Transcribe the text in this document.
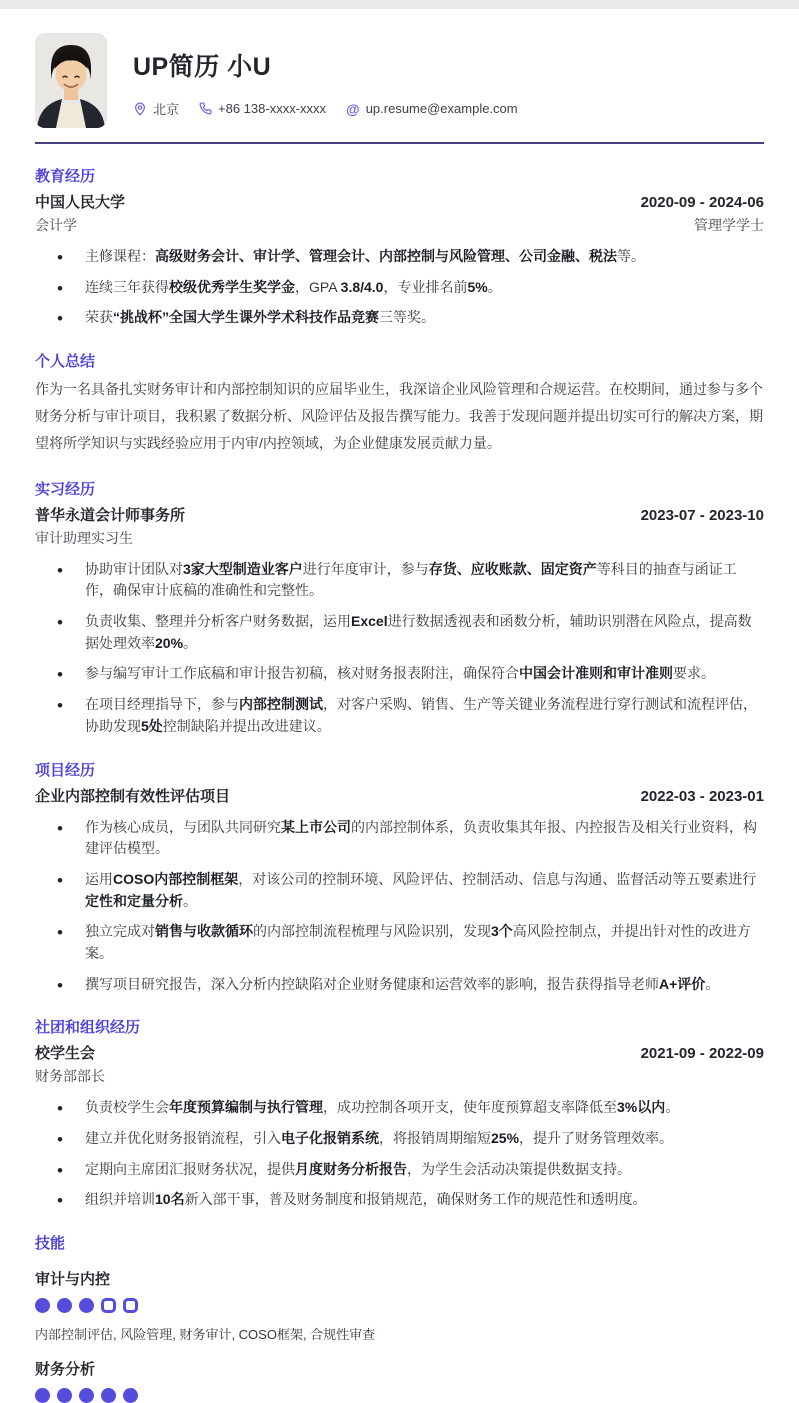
UP简历 小U
北京	+86 138-xxxx-xxxx @ up.resume@example.com
教育经历
中国人民大学	2020-09 - 2024-06
会计学	管理学学士
• 主修课程：高级财务会计、审计学、管理会计、内部控制与风险管理、公司金融、税法等。
• 连续三年获得校级优秀学生奖学金，GPA 3.8/4.0，专业排名前5%。
• 荣获“挑战杯”全国大学生课外学术科技作品竞赛三等奖。
个人总结

作为一名具备扎实财务审计和内部控制知识的应届毕业生，我深谙企业风险管理和合规运营。在校期间，通过参与多个财务分析与审计项目，我积累了数据分析、风险评估及报告撰写能力。我善于发现问题并提出切实可行的解决方案，期望将所学知识与实践经验应用于内审/内控领域，为企业健康发展贡献力量。

实习经历
普华永道会计师事务所	2023-07 - 2023-10
审计助理实习生
• 协助审计团队对3家大型制造业客户进行年度审计，参与存货、应收账款、固定资产等科目的抽查与函证工作，确保审计底稿的准确性和完整性。
• 负责收集、整理并分析客户财务数据，运用Excel进行数据透视表和函数分析，辅助识别潜在风险点，提高数据处理效率20%。
• 参与编写审计工作底稿和审计报告初稿，核对财务报表附注，确保符合中国会计准则和审计准则要求。
• 在项目经理指导下，参与内部控制测试，对客户采购、销售、生产等关键业务流程进行穿行测试和流程评估，协助发现5处控制缺陷并提出改进建议。
项目经历
企业内部控制有效性评估项目	2022-03 - 2023-01
• 作为核心成员，与团队共同研究某上市公司的内部控制体系，负责收集其年报、内控报告及相关行业资料，构建评估模型。
• 运用COSO内部控制框架，对该公司的控制环境、风险评估、控制活动、信息与沟通、监督活动等五要素进行定性和定量分析。
• 独立完成对销售与收款循环的内部控制流程梳理与风险识别，发现3个高风险控制点，并提出针对性的改进方案。
• 撰写项目研究报告，深入分析内控缺陷对企业财务健康和运营效率的影响，报告获得指导老师A+评价。
社团和组织经历
校学生会	2021-09 - 2022-09
财务部部长
• 负责校学生会年度预算编制与执行管理，成功控制各项开支，使年度预算超支率降低至3%以内。
• 建立并优化财务报销流程，引入电子化报销系统，将报销周期缩短25%，提升了财务管理效率。
• 定期向主席团汇报财务状况，提供月度财务分析报告，为学生会活动决策提供数据支持。
• 组织并培训10名新入部干事，普及财务制度和报销规范，确保财务工作的规范性和透明度。
技能
审计与内控
内部控制评估, 风险管理, 财务审计, COSO框架, 合规性审查
财务分析
